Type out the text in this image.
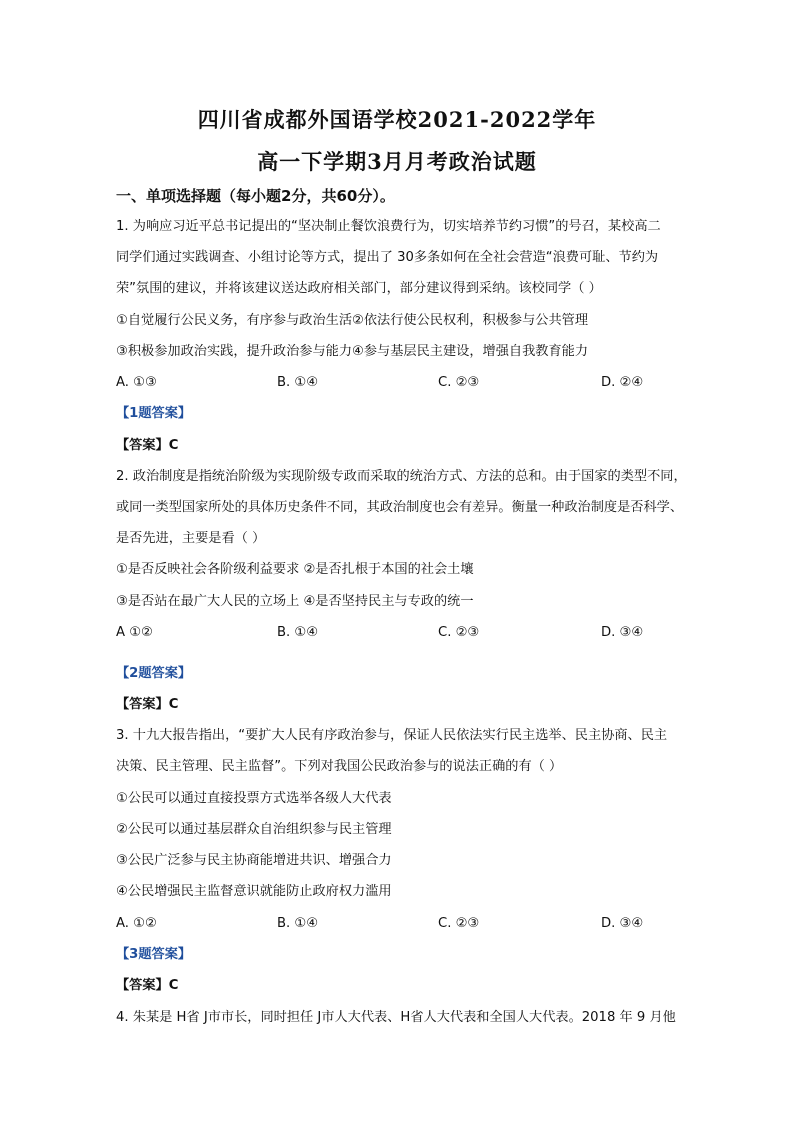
四川省成都外国语学校2021-2022学年
高一下学期3月月考政治试题
一、单项选择题（每小题2分，共60分）。
1. 为响应习近平总书记提出的“坚决制止餐饮浪费行为，切实培养节约习惯”的号召，某校高二
同学们通过实践调查、小组讨论等方式，提出了 30多条如何在全社会营造“浪费可耻、节约为
荣”氛围的建议，并将该建议送达政府相关部门，部分建议得到采纳。该校同学（ ）
①自觉履行公民义务，有序参与政治生活②依法行使公民权利，积极参与公共管理
③积极参加政治实践，提升政治参与能力④参与基层民主建设，增强自我教育能力
A. ①③	B. ①④	C. ②③	D. ②④
【1题答案】
【答案】C
2. 政治制度是指统治阶级为实现阶级专政而采取的统治方式、方法的总和。由于国家的类型不同，
或同一类型国家所处的具体历史条件不同，其政治制度也会有差异。衡量一种政治制度是否科学、
是否先进，主要是看（ ）
①是否反映社会各阶级利益要求 ②是否扎根于本国的社会土壤
③是否站在最广大人民的立场上 ④是否坚持民主与专政的统一
A ①②	B. ①④	C. ②③	D. ③④
【2题答案】
【答案】C
3. 十九大报告指出，“要扩大人民有序政治参与，保证人民依法实行民主选举、民主协商、民主
决策、民主管理、民主监督”。下列对我国公民政治参与的说法正确的有（ ）
①公民可以通过直接投票方式选举各级人大代表
②公民可以通过基层群众自治组织参与民主管理
③公民广泛参与民主协商能增进共识、增强合力
④公民增强民主监督意识就能防止政府权力滥用
A. ①②	B. ①④	C. ②③	D. ③④
【3题答案】
【答案】C
4. 朱某是 H省 J市市长，同时担任 J市人大代表、H省人大代表和全国人大代表。2018 年 9 月他
